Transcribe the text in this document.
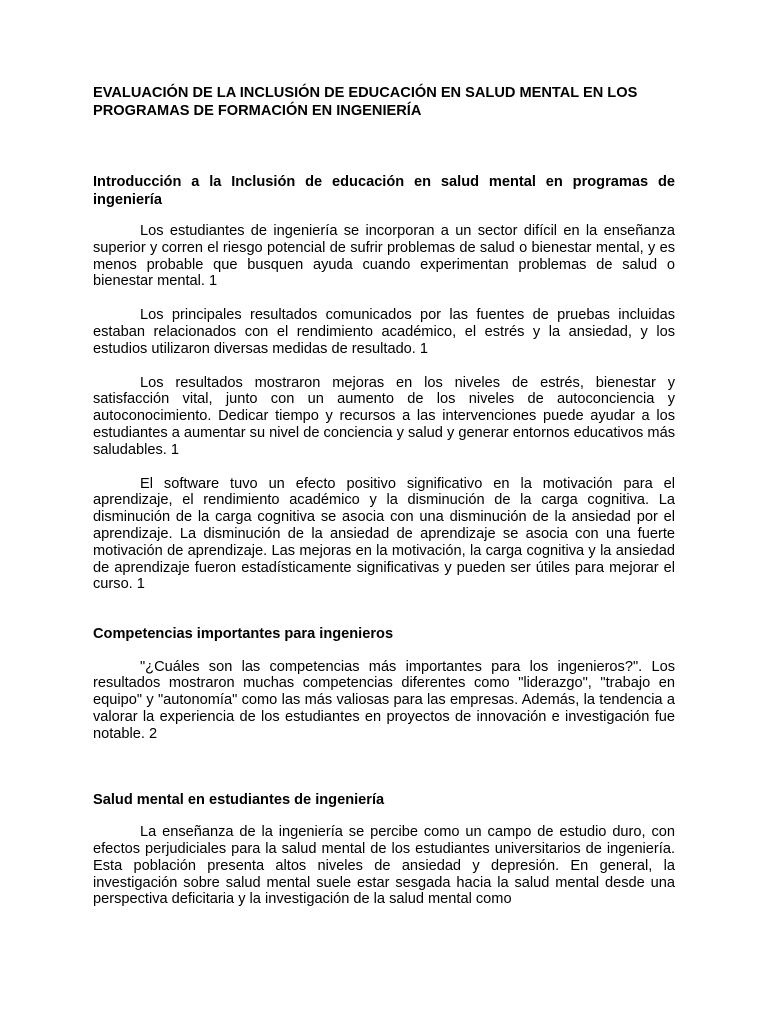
EVALUACIÓN DE LA INCLUSIÓN DE EDUCACIÓN EN SALUD MENTAL EN LOS PROGRAMAS DE FORMACIÓN EN INGENIERÍA
Introducción a la Inclusión de educación en salud mental en programas de ingeniería

Los estudiantes de ingeniería se incorporan a un sector difícil en la enseñanza superior y corren el riesgo potencial de sufrir problemas de salud o bienestar mental, y es menos probable que busquen ayuda cuando experimentan problemas de salud o bienestar mental. 1

Los principales resultados comunicados por las fuentes de pruebas incluidas estaban relacionados con el rendimiento académico, el estrés y la ansiedad, y los estudios utilizaron diversas medidas de resultado. 1

Los resultados mostraron mejoras en los niveles de estrés, bienestar y satisfacción vital, junto con un aumento de los niveles de autoconciencia y autoconocimiento. Dedicar tiempo y recursos a las intervenciones puede ayudar a los estudiantes a aumentar su nivel de conciencia y salud y generar entornos educativos más saludables. 1

El software tuvo un efecto positivo significativo en la motivación para el aprendizaje, el rendimiento académico y la disminución de la carga cognitiva. La disminución de la carga cognitiva se asocia con una disminución de la ansiedad por el aprendizaje. La disminución de la ansiedad de aprendizaje se asocia con una fuerte motivación de aprendizaje. Las mejoras en la motivación, la carga cognitiva y la ansiedad de aprendizaje fueron estadísticamente significativas y pueden ser útiles para mejorar el curso. 1

Competencias importantes para ingenieros

"¿Cuáles son las competencias más importantes para los ingenieros?". Los resultados mostraron muchas competencias diferentes como "liderazgo", "trabajo en equipo" y "autonomía" como las más valiosas para las empresas. Además, la tendencia a valorar la experiencia de los estudiantes en proyectos de innovación e investigación fue notable. 2

Salud mental en estudiantes de ingeniería

La enseñanza de la ingeniería se percibe como un campo de estudio duro, con efectos perjudiciales para la salud mental de los estudiantes universitarios de ingeniería. Esta población presenta altos niveles de ansiedad y depresión. En general, la investigación sobre salud mental suele estar sesgada hacia la salud mental desde una perspectiva deficitaria y la investigación de la salud mental como
